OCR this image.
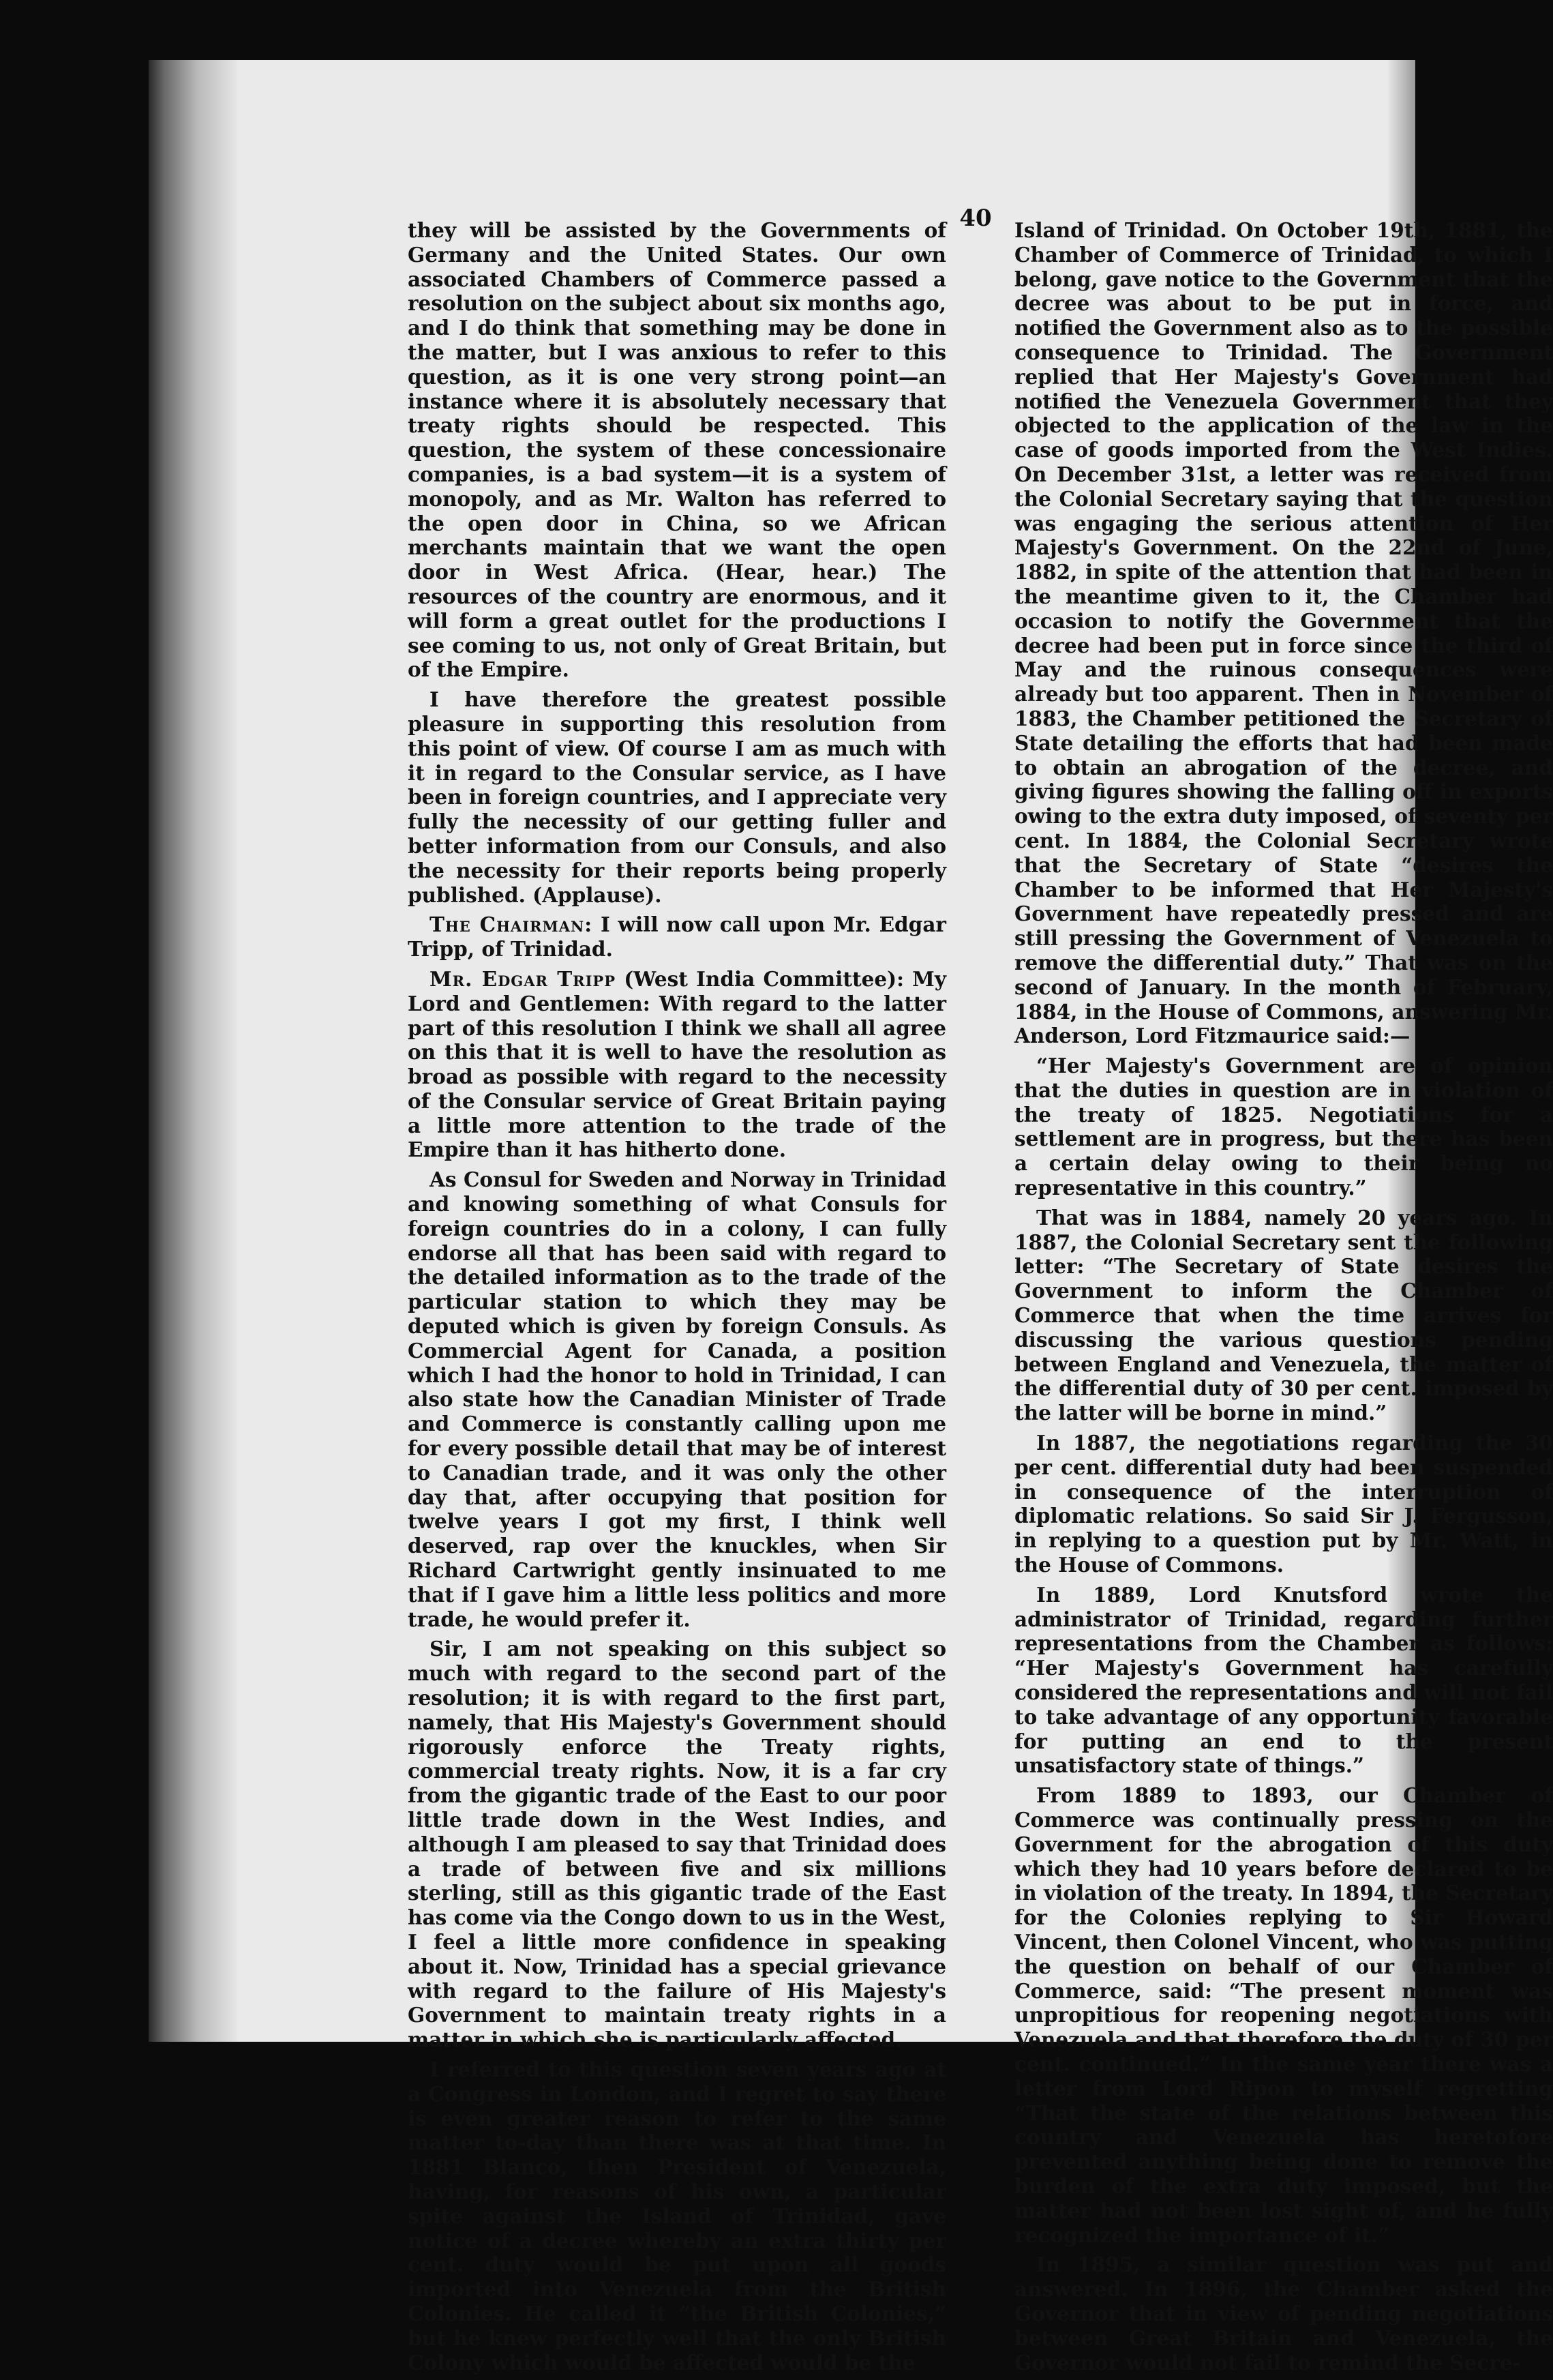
40

they will be assisted by the Governments of Germany and the United States. Our own associated Chambers of Commerce passed a resolution on the subject about six months ago, and I do think that something may be done in the matter, but I was anxious to refer to this question, as it is one very strong point—an instance where it is absolutely necessary that treaty rights should be respected. This question, the system of these concessionaire companies, is a bad system—it is a system of monopoly, and as Mr. Walton has referred to the open door in China, so we African merchants maintain that we want the open door in West Africa. (Hear, hear.) The resources of the country are enormous, and it will form a great outlet for the productions I see coming to us, not only of Great Britain, but of the Empire.

I have therefore the greatest possible pleasure in supporting this resolution from this point of view. Of course I am as much with it in regard to the Consular service, as I have been in foreign countries, and I appreciate very fully the necessity of our getting fuller and better information from our Consuls, and also the necessity for their reports being properly published. (Applause).

The Chairman: I will now call upon Mr. Edgar Tripp, of Trinidad.

Mr. Edgar Tripp (West India Committee): My Lord and Gentlemen: With regard to the latter part of this resolution I think we shall all agree on this that it is well to have the resolution as broad as possible with regard to the necessity of the Consular service of Great Britain paying a little more attention to the trade of the Empire than it has hitherto done.

As Consul for Sweden and Norway in Trinidad and knowing something of what Consuls for foreign countries do in a colony, I can fully endorse all that has been said with regard to the detailed information as to the trade of the particular station to which they may be deputed which is given by foreign Consuls. As Commercial Agent for Canada, a position which I had the honor to hold in Trinidad, I can also state how the Canadian Minister of Trade and Commerce is constantly calling upon me for every possible detail that may be of interest to Canadian trade, and it was only the other day that, after occupying that position for twelve years I got my first, I think well deserved, rap over the knuckles, when Sir Richard Cartwright gently insinuated to me that if I gave him a little less politics and more trade, he would prefer it.

Sir, I am not speaking on this subject so much with regard to the second part of the resolution; it is with regard to the first part, namely, that His Majesty's Government should rigorously enforce the Treaty rights, commercial treaty rights. Now, it is a far cry from the gigantic trade of the East to our poor little trade down in the West Indies, and although I am pleased to say that Trinidad does a trade of between five and six millions sterling, still as this gigantic trade of the East has come via the Congo down to us in the West, I feel a little more confidence in speaking about it. Now, Trinidad has a special grievance with regard to the failure of His Majesty's Government to maintain treaty rights in a matter in which she is particularly affected.

I referred to this question seven years ago at a Congress in London, and I regret to say there is even greater reason to refer to the same matter to-day than there was at that time. In 1881 Blanco, then President of Venezuela, having, for reasons of his own, a particular spite against the Island of Trinidad, gave notice of a decree whereby an extra thirty per cent. duty would be put upon all goods imported into Venezuela from the British Colonies. He called it “the British Colonies,” but he knew perfectly well that the only British Colony which would be affected would be the

Island of Trinidad. On October 19th, 1881, the Chamber of Commerce of Trinidad, to which I belong, gave notice to the Government that the decree was about to be put in force, and notified the Government also as to the possible consequence to Trinidad. The Government replied that Her Majesty's Government had notified the Venezuela Government that they objected to the application of the law in the case of goods imported from the West Indies. On December 31st, a letter was received from the Colonial Secretary saying that the question was engaging the serious attention of Her Majesty's Government. On the 22nd of June, 1882, in spite of the attention that had been in the meantime given to it, the Chamber had occasion to notify the Government that the decree had been put in force since the third of May and the ruinous consequences were already but too apparent. Then in November of 1883, the Chamber petitioned the Secretary of State detailing the efforts that had been made to obtain an abrogation of the decree, and giving figures showing the falling off in exports owing to the extra duty imposed, of seventy per cent. In 1884, the Colonial Secretary wrote that the Secretary of State “desires the Chamber to be informed that Her Majesty's Government have repeatedly pressed and are still pressing the Government of Venezuela to remove the differential duty.” That was on the second of January. In the month of February, 1884, in the House of Commons, answering Mr. Anderson, Lord Fitzmaurice said:—

“Her Majesty's Government are of opinion that the duties in question are in violation of the treaty of 1825. Negotiations for a settlement are in progress, but there has been a certain delay owing to their being no representative in this country.”

That was in 1884, namely 20 years ago. In 1887, the Colonial Secretary sent the following letter: “The Secretary of State desires the Government to inform the Chamber of Commerce that when the time arrives for discussing the various questions pending between England and Venezuela, the matter of the differential duty of 30 per cent. imposed by the latter will be borne in mind.”

In 1887, the negotiations regarding the 30 per cent. differential duty had been suspended in consequence of the interruption of diplomatic relations. So said Sir J. Fergusson, in replying to a question put by Mr. Watt, in the House of Commons.

In 1889, Lord Knutsford wrote the administrator of Trinidad, regarding further representations from the Chamber as follows: “Her Majesty's Government has carefully considered the representations and will not fail to take advantage of any opportunity favorable for putting an end to the present unsatisfactory state of things.”

From 1889 to 1893, our Chamber of Commerce was continually pressing on the Government for the abrogation of this duty which they had 10 years before declared to be in violation of the treaty. In 1894, the Secretary for the Colonies replying to Sir Howard Vincent, then Colonel Vincent, who was putting the question on behalf of our Chamber of Commerce, said: “The present moment was unpropitious for reopening negotiations with Venezuela and that therefore the duty of 30 per cent. continued.” In the same year there was a letter from Lord Ripon to myself regretting “That the state of the relations between this country and Venezuela has heretofore prevented anything being done to remove the burden of the extra duty imposed, but the matter had not been lost sight of, and he fully recognized the importance of it.”

In 1895, a similar question was put and answered. In 1896, the Chamber asked the Governor that in view of pending negotiations between Great Britain and Venezuela, the Governor would not fail to remind the Secre-
